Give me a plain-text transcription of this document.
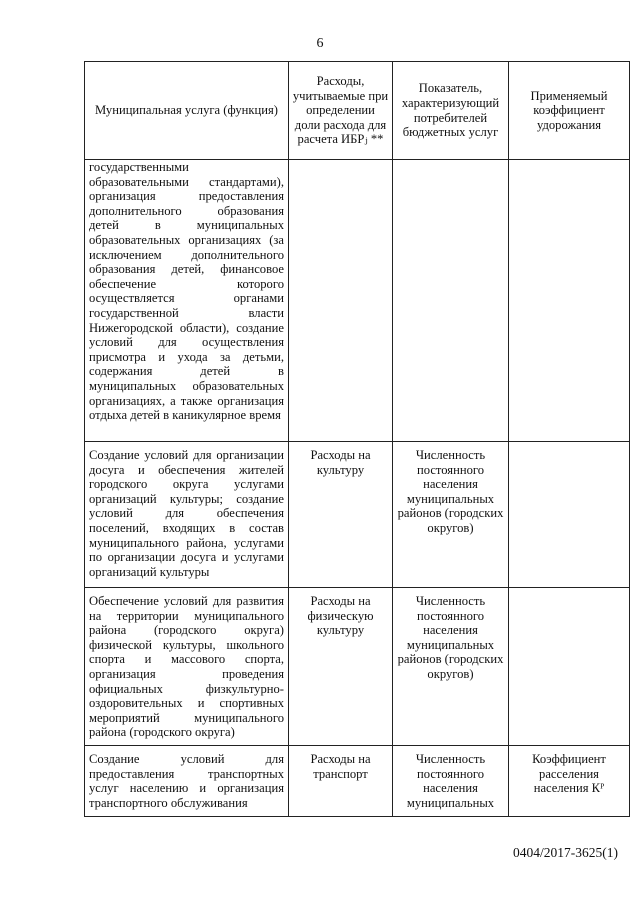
6
Муниципальная услуга (функция)	Расходы, учитываемые при определении доли расхода для расчета ИБРⱼ **	Показатель, характеризующий потребителей бюджетных услуг	Применяемый коэффициент удорожания
государственными образовательными стандартами), организация предоставления дополнительного образования детей в муниципальных образовательных организациях (за исключением дополнительного образования детей, финансовое обеспечение которого осуществляется органами государственной власти Нижегородской области), создание условий для осуществления присмотра и ухода за детьми, содержания детей в муниципальных образовательных организациях, а также организация отдыха детей в каникулярное время			
Создание условий для организации досуга и обеспечения жителей городского округа услугами организаций культуры; создание условий для обеспечения поселений, входящих в состав муниципального района, услугами по организации досуга и услугами организаций культуры	Расходы на культуру	Численность постоянного населения муниципальных районов (городских округов)	
Обеспечение условий для развития на территории муниципального района (городского округа) физической культуры, школьного спорта и массового спорта, организация проведения официальных физкультурно-оздоровительных и спортивных мероприятий муниципального района (городского округа)	Расходы на физическую культуру	Численность постоянного населения муниципальных районов (городских округов)	
Создание условий для предоставления транспортных услуг населению и организация транспортного обслуживания	Расходы на транспорт	Численность постоянного населения муниципальных	Коэффициент расселения населения Кᴾ
0404/2017-3625(1)
